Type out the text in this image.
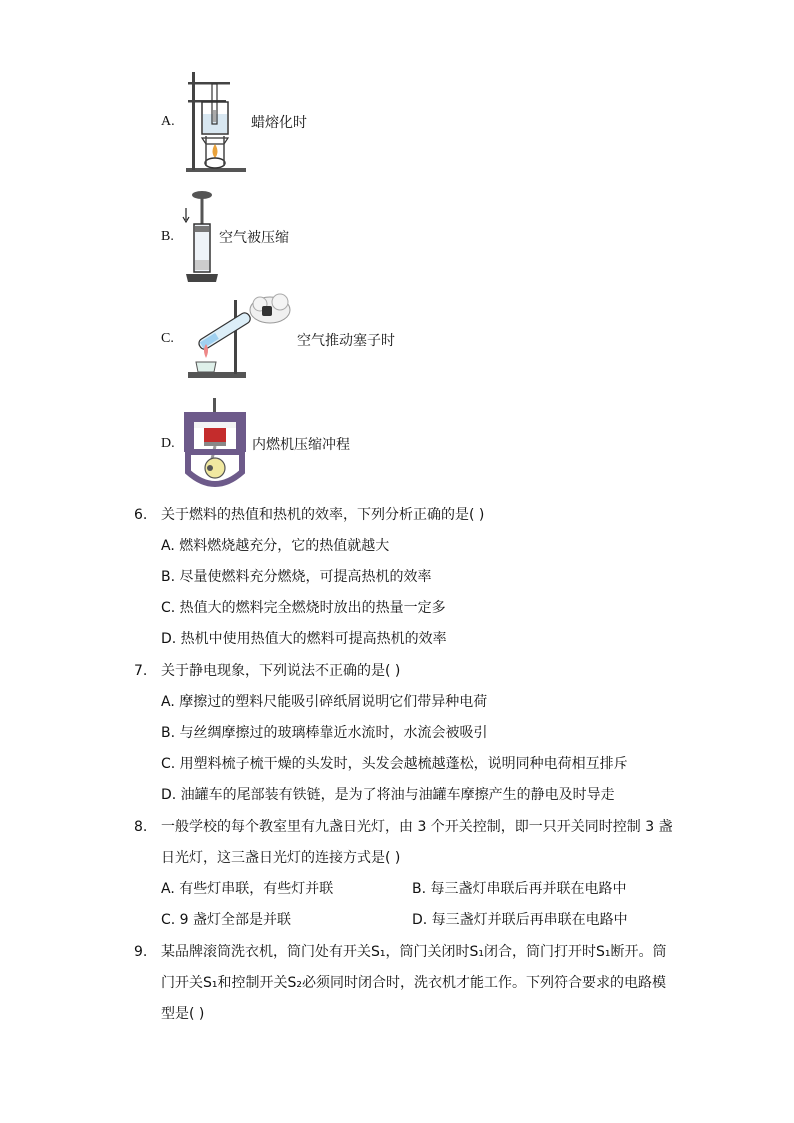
A.	蜡熔化时
B.	空气被压缩
C.	空气推动塞子时
D.	内燃机压缩冲程
6. 关于燃料的热值和热机的效率，下列分析正确的是( )
A. 燃料燃烧越充分，它的热值就越大
B. 尽量使燃料充分燃烧，可提高热机的效率
C. 热值大的燃料完全燃烧时放出的热量一定多
D. 热机中使用热值大的燃料可提高热机的效率
7. 关于静电现象，下列说法不正确的是( )
A. 摩擦过的塑料尺能吸引碎纸屑说明它们带异种电荷
B. 与丝绸摩擦过的玻璃棒靠近水流时，水流会被吸引
C. 用塑料梳子梳干燥的头发时，头发会越梳越蓬松，说明同种电荷相互排斥
D. 油罐车的尾部装有铁链，是为了将油与油罐车摩擦产生的静电及时导走
8. 一般学校的每个教室里有九盏日光灯，由 3 个开关控制，即一只开关同时控制 3 盏
日光灯，这三盏日光灯的连接方式是( )
A. 有些灯串联，有些灯并联	B. 每三盏灯串联后再并联在电路中
C. 9 盏灯全部是并联	D. 每三盏灯并联后再串联在电路中
9. 某品牌滚筒洗衣机，筒门处有开关S₁，筒门关闭时S₁闭合，筒门打开时S₁断开。筒
门开关S₁和控制开关S₂必须同时闭合时，洗衣机才能工作。下列符合要求的电路模
型是( )
